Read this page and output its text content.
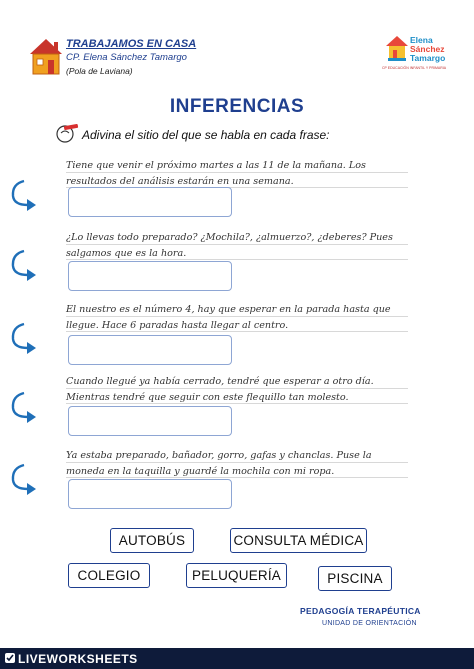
TRABAJAMOS EN CASA
CP. Elena Sánchez Tamargo
(Pola de Laviana)
Elena
Sánchez
Tamargo
CP EDUCACIÓN INFANTIL Y PRIMARIA
INFERENCIAS
Adivina el sitio del que se habla en cada frase:
Tiene que venir el próximo martes a las 11 de la mañana. Los resultados del análisis estarán en una semana.
¿Lo llevas todo preparado? ¿Mochila?, ¿almuerzo?, ¿deberes? Pues salgamos que es la hora.
El nuestro es el número 4, hay que esperar en la parada hasta que llegue. Hace 6 paradas hasta llegar al centro.
Cuando llegué ya había cerrado, tendré que esperar a otro día. Mientras tendré que seguir con este flequillo tan molesto.
Ya estaba preparado, bañador, gorro, gafas y chanclas. Puse la moneda en la taquilla y guardé la mochila con mi ropa.
AUTOBÚS	CONSULTA MÉDICA
COLEGIO	PELUQUERÍA	PISCINA
PEDAGOGÍA TERAPÉUTICA
UNIDAD DE ORIENTACIÓN
LIVEWORKSHEETS
